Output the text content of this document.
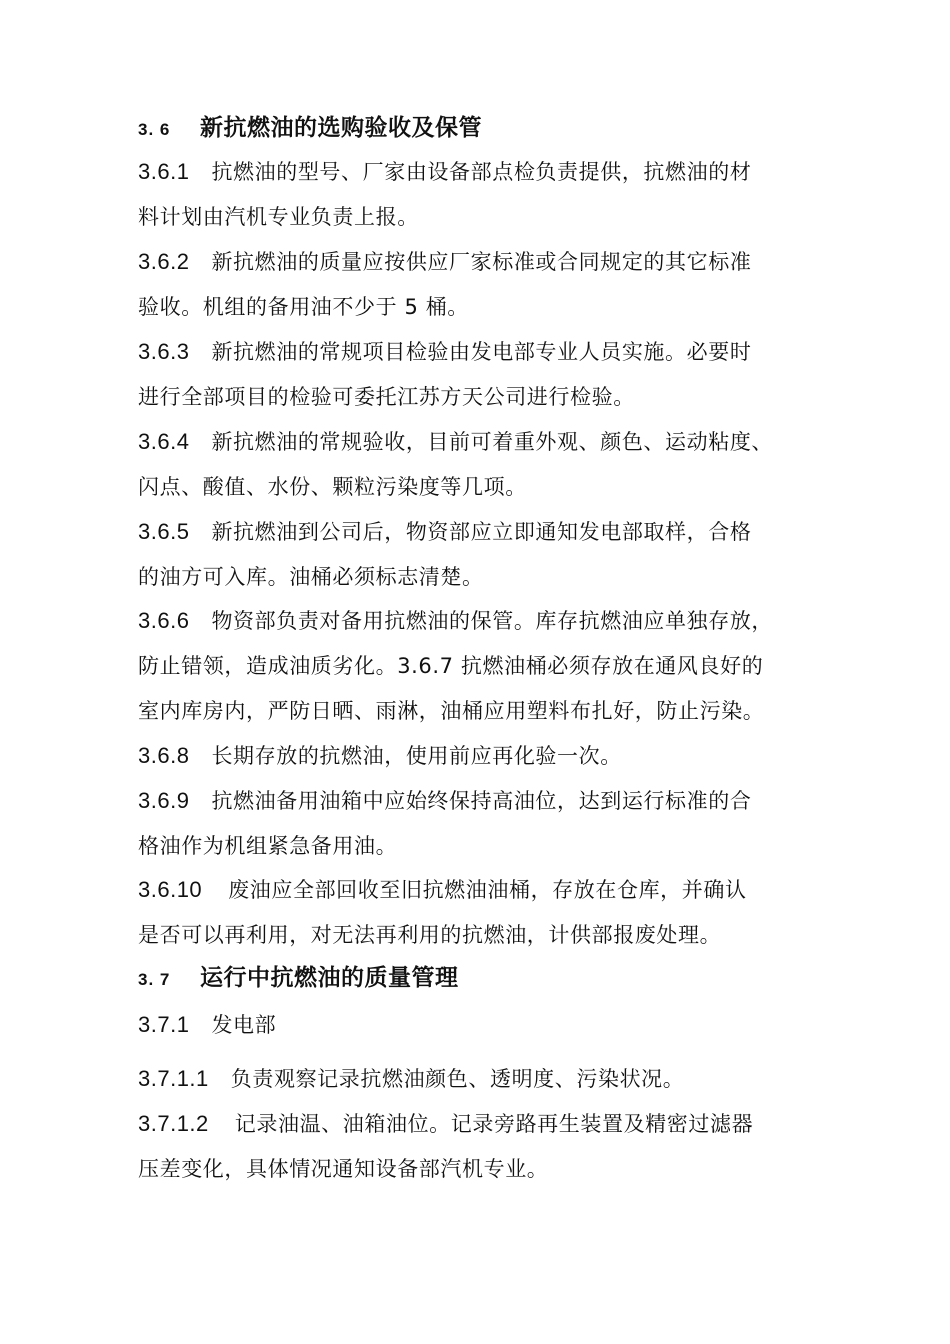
3. 6 新抗燃油的选购验收及保管
3.6.1 抗燃油的型号、厂家由设备部点检负责提供，抗燃油的材
料计划由汽机专业负责上报。
3.6.2 新抗燃油的质量应按供应厂家标准或合同规定的其它标准
验收。机组的备用油不少于 5 桶。
3.6.3 新抗燃油的常规项目检验由发电部专业人员实施。必要时
进行全部项目的检验可委托江苏方天公司进行检验。
3.6.4 新抗燃油的常规验收，目前可着重外观、颜色、运动粘度、
闪点、酸值、水份、颗粒污染度等几项。
3.6.5 新抗燃油到公司后，物资部应立即通知发电部取样，合格
的油方可入库。油桶必须标志清楚。
3.6.6 物资部负责对备用抗燃油的保管。库存抗燃油应单独存放，
防止错领，造成油质劣化。3.6.7 抗燃油桶必须存放在通风良好的
室内库房内，严防日晒、雨淋，油桶应用塑料布扎好，防止污染。
3.6.8 长期存放的抗燃油，使用前应再化验一次。
3.6.9 抗燃油备用油箱中应始终保持高油位，达到运行标准的合
格油作为机组紧急备用油。
3.6.10 废油应全部回收至旧抗燃油油桶，存放在仓库，并确认
是否可以再利用，对无法再利用的抗燃油，计供部报废处理。
3. 7 运行中抗燃油的质量管理
3.7.1 发电部
3.7.1.1 负责观察记录抗燃油颜色、透明度、污染状况。
3.7.1.2 记录油温、油箱油位。记录旁路再生装置及精密过滤器
压差变化，具体情况通知设备部汽机专业。
